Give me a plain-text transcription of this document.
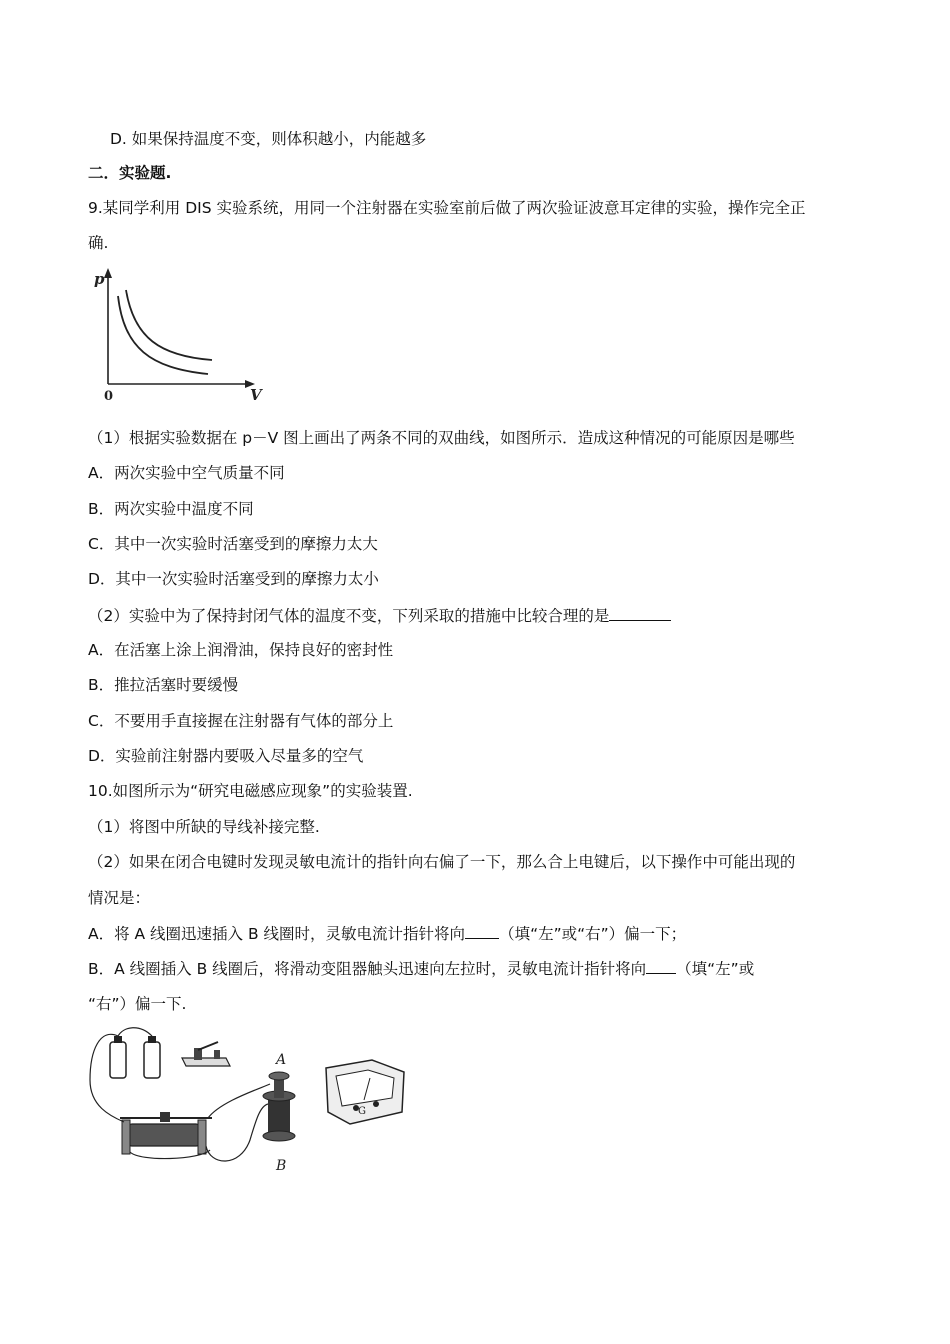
D. 如果保持温度不变，则体积越小，内能越多
二．实验题.
9.某同学利用 DIS 实验系统，用同一个注射器在实验室前后做了两次验证波意耳定律的实验，操作完全正
确.
p
V
0
（1）根据实验数据在 p－V 图上画出了两条不同的双曲线，如图所示．造成这种情况的可能原因是哪些
A．两次实验中空气质量不同
B．两次实验中温度不同
C．其中一次实验时活塞受到的摩擦力太大
D．其中一次实验时活塞受到的摩擦力太小
（2）实验中为了保持封闭气体的温度不变，下列采取的措施中比较合理的是
A．在活塞上涂上润滑油，保持良好的密封性
B．推拉活塞时要缓慢
C．不要用手直接握在注射器有气体的部分上
D．实验前注射器内要吸入尽量多的空气
10.如图所示为“研究电磁感应现象”的实验装置.
（1）将图中所缺的导线补接完整.
（2）如果在闭合电键时发现灵敏电流计的指针向右偏了一下，那么合上电键后，以下操作中可能出现的
情况是：
A．将 A 线圈迅速插入 B 线圈时，灵敏电流计指针将向 （填“左”或“右”）偏一下；
B．A 线圈插入 B 线圈后，将滑动变阻器触头迅速向左拉时，灵敏电流计指针将向 （填“左”或
“右”）偏一下.
A
B
G
